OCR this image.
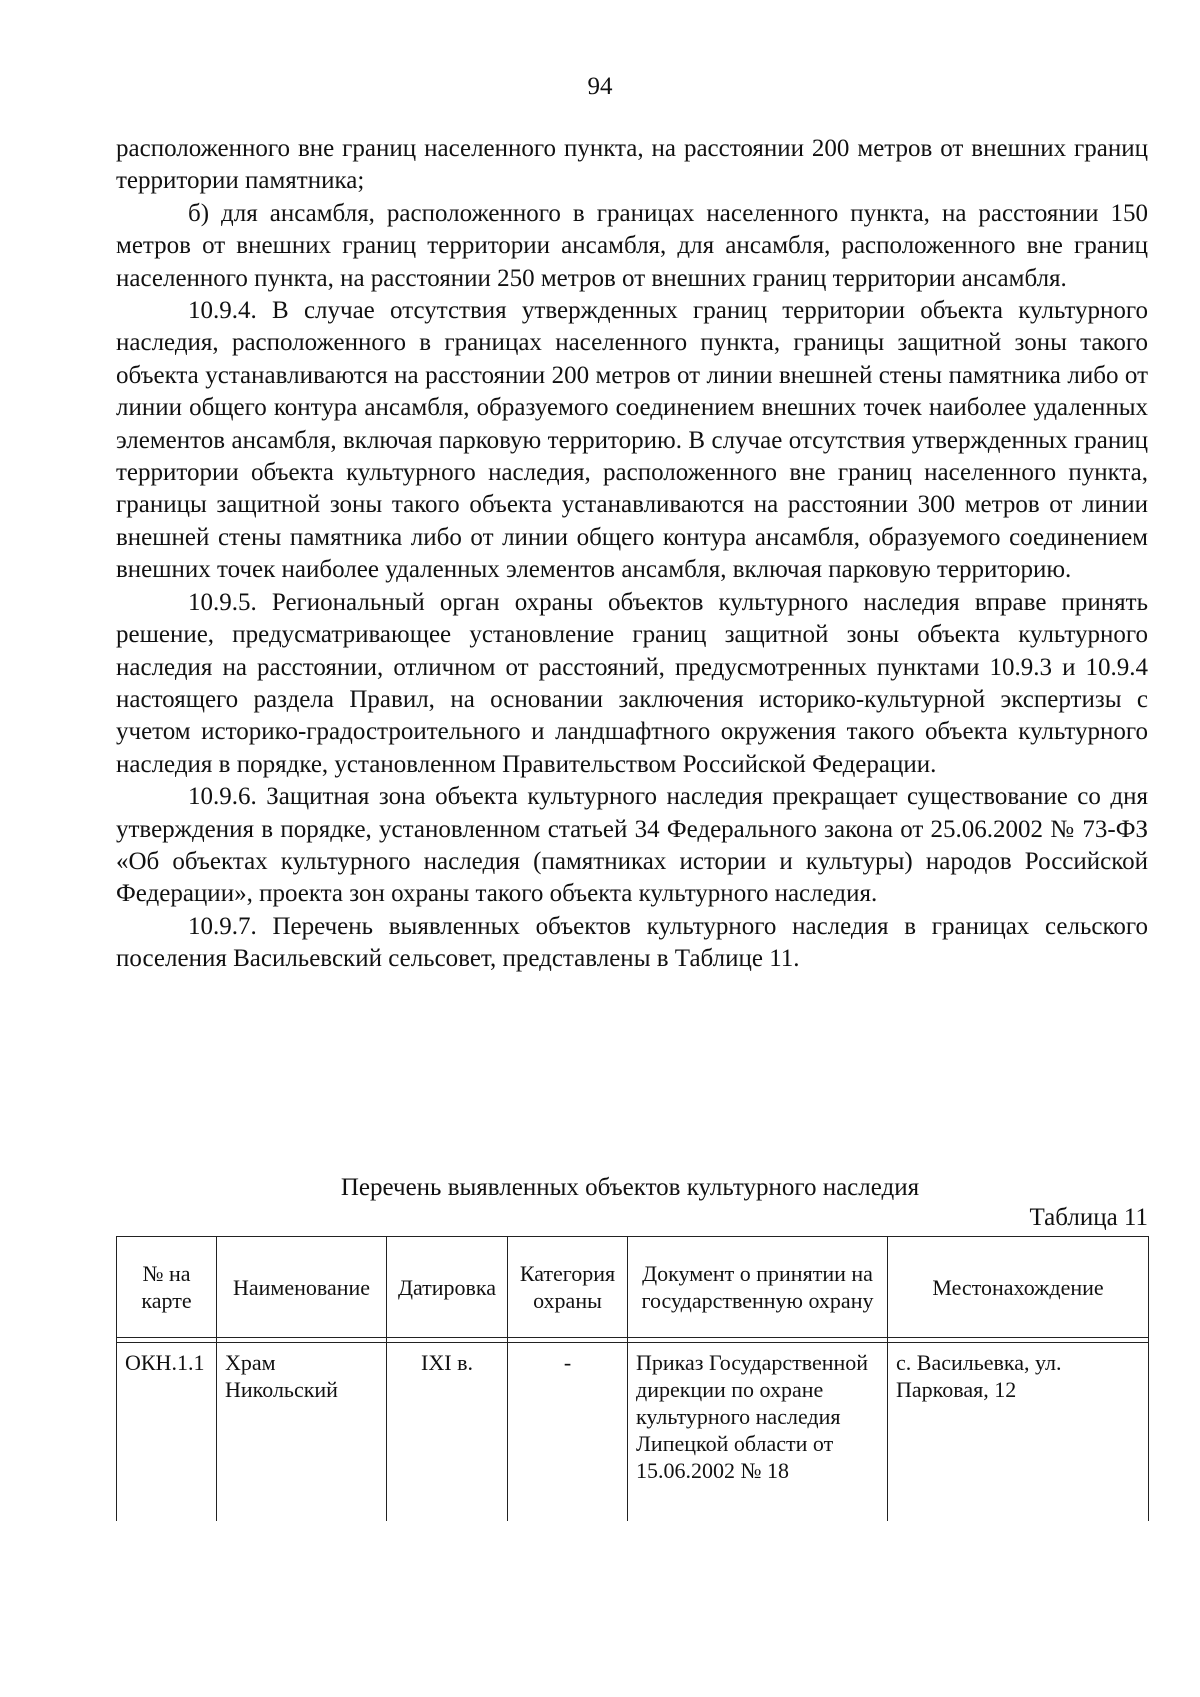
94

расположенного вне границ населенного пункта, на расстоянии 200 метров от внешних границ территории памятника;

б) для ансамбля, расположенного в границах населенного пункта, на расстоянии 150 метров от внешних границ территории ансамбля, для ансамбля, расположенного вне границ населенного пункта, на расстоянии 250 метров от внешних границ территории ансамбля.

10.9.4. В случае отсутствия утвержденных границ территории объекта культурного наследия, расположенного в границах населенного пункта, границы защитной зоны такого объекта устанавливаются на расстоянии 200 метров от линии внешней стены памятника либо от линии общего контура ансамбля, образуемого соединением внешних точек наиболее удаленных элементов ансамбля, включая парковую территорию. В случае отсутствия утвержденных границ территории объекта культурного наследия, расположенного вне границ населенного пункта, границы защитной зоны такого объекта устанавливаются на расстоянии 300 метров от линии внешней стены памятника либо от линии общего контура ансамбля, образуемого соединением внешних точек наиболее удаленных элементов ансамбля, включая парковую территорию.

10.9.5. Региональный орган охраны объектов культурного наследия вправе принять решение, предусматривающее установление границ защитной зоны объекта культурного наследия на расстоянии, отличном от расстояний, предусмотренных пунктами 10.9.3 и 10.9.4 настоящего раздела Правил, на основании заключения историко-культурной экспертизы с учетом историко-градостроительного и ландшафтного окружения такого объекта культурного наследия в порядке, установленном Правительством Российской Федерации.

10.9.6. Защитная зона объекта культурного наследия прекращает существование со дня утверждения в порядке, установленном статьей 34 Федерального закона от 25.06.2002 № 73-ФЗ «Об объектах культурного наследия (памятниках истории и культуры) народов Российской Федерации», проекта зон охраны такого объекта культурного наследия.

10.9.7. Перечень выявленных объектов культурного наследия в границах сельского поселения Васильевский сельсовет, представлены в Таблице 11.

Перечень выявленных объектов культурного наследия
Таблица 11
№ на карте	Наименование	Датировка	Категория охраны	Документ о принятии на государственную охрану	Местонахождение

ОКН.1.1	Храм Никольский	IXI в.	-	Приказ Государственной дирекции по охране культурного наследия Липецкой области от 15.06.2002 № 18	с. Васильевка, ул. Парковая, 12
